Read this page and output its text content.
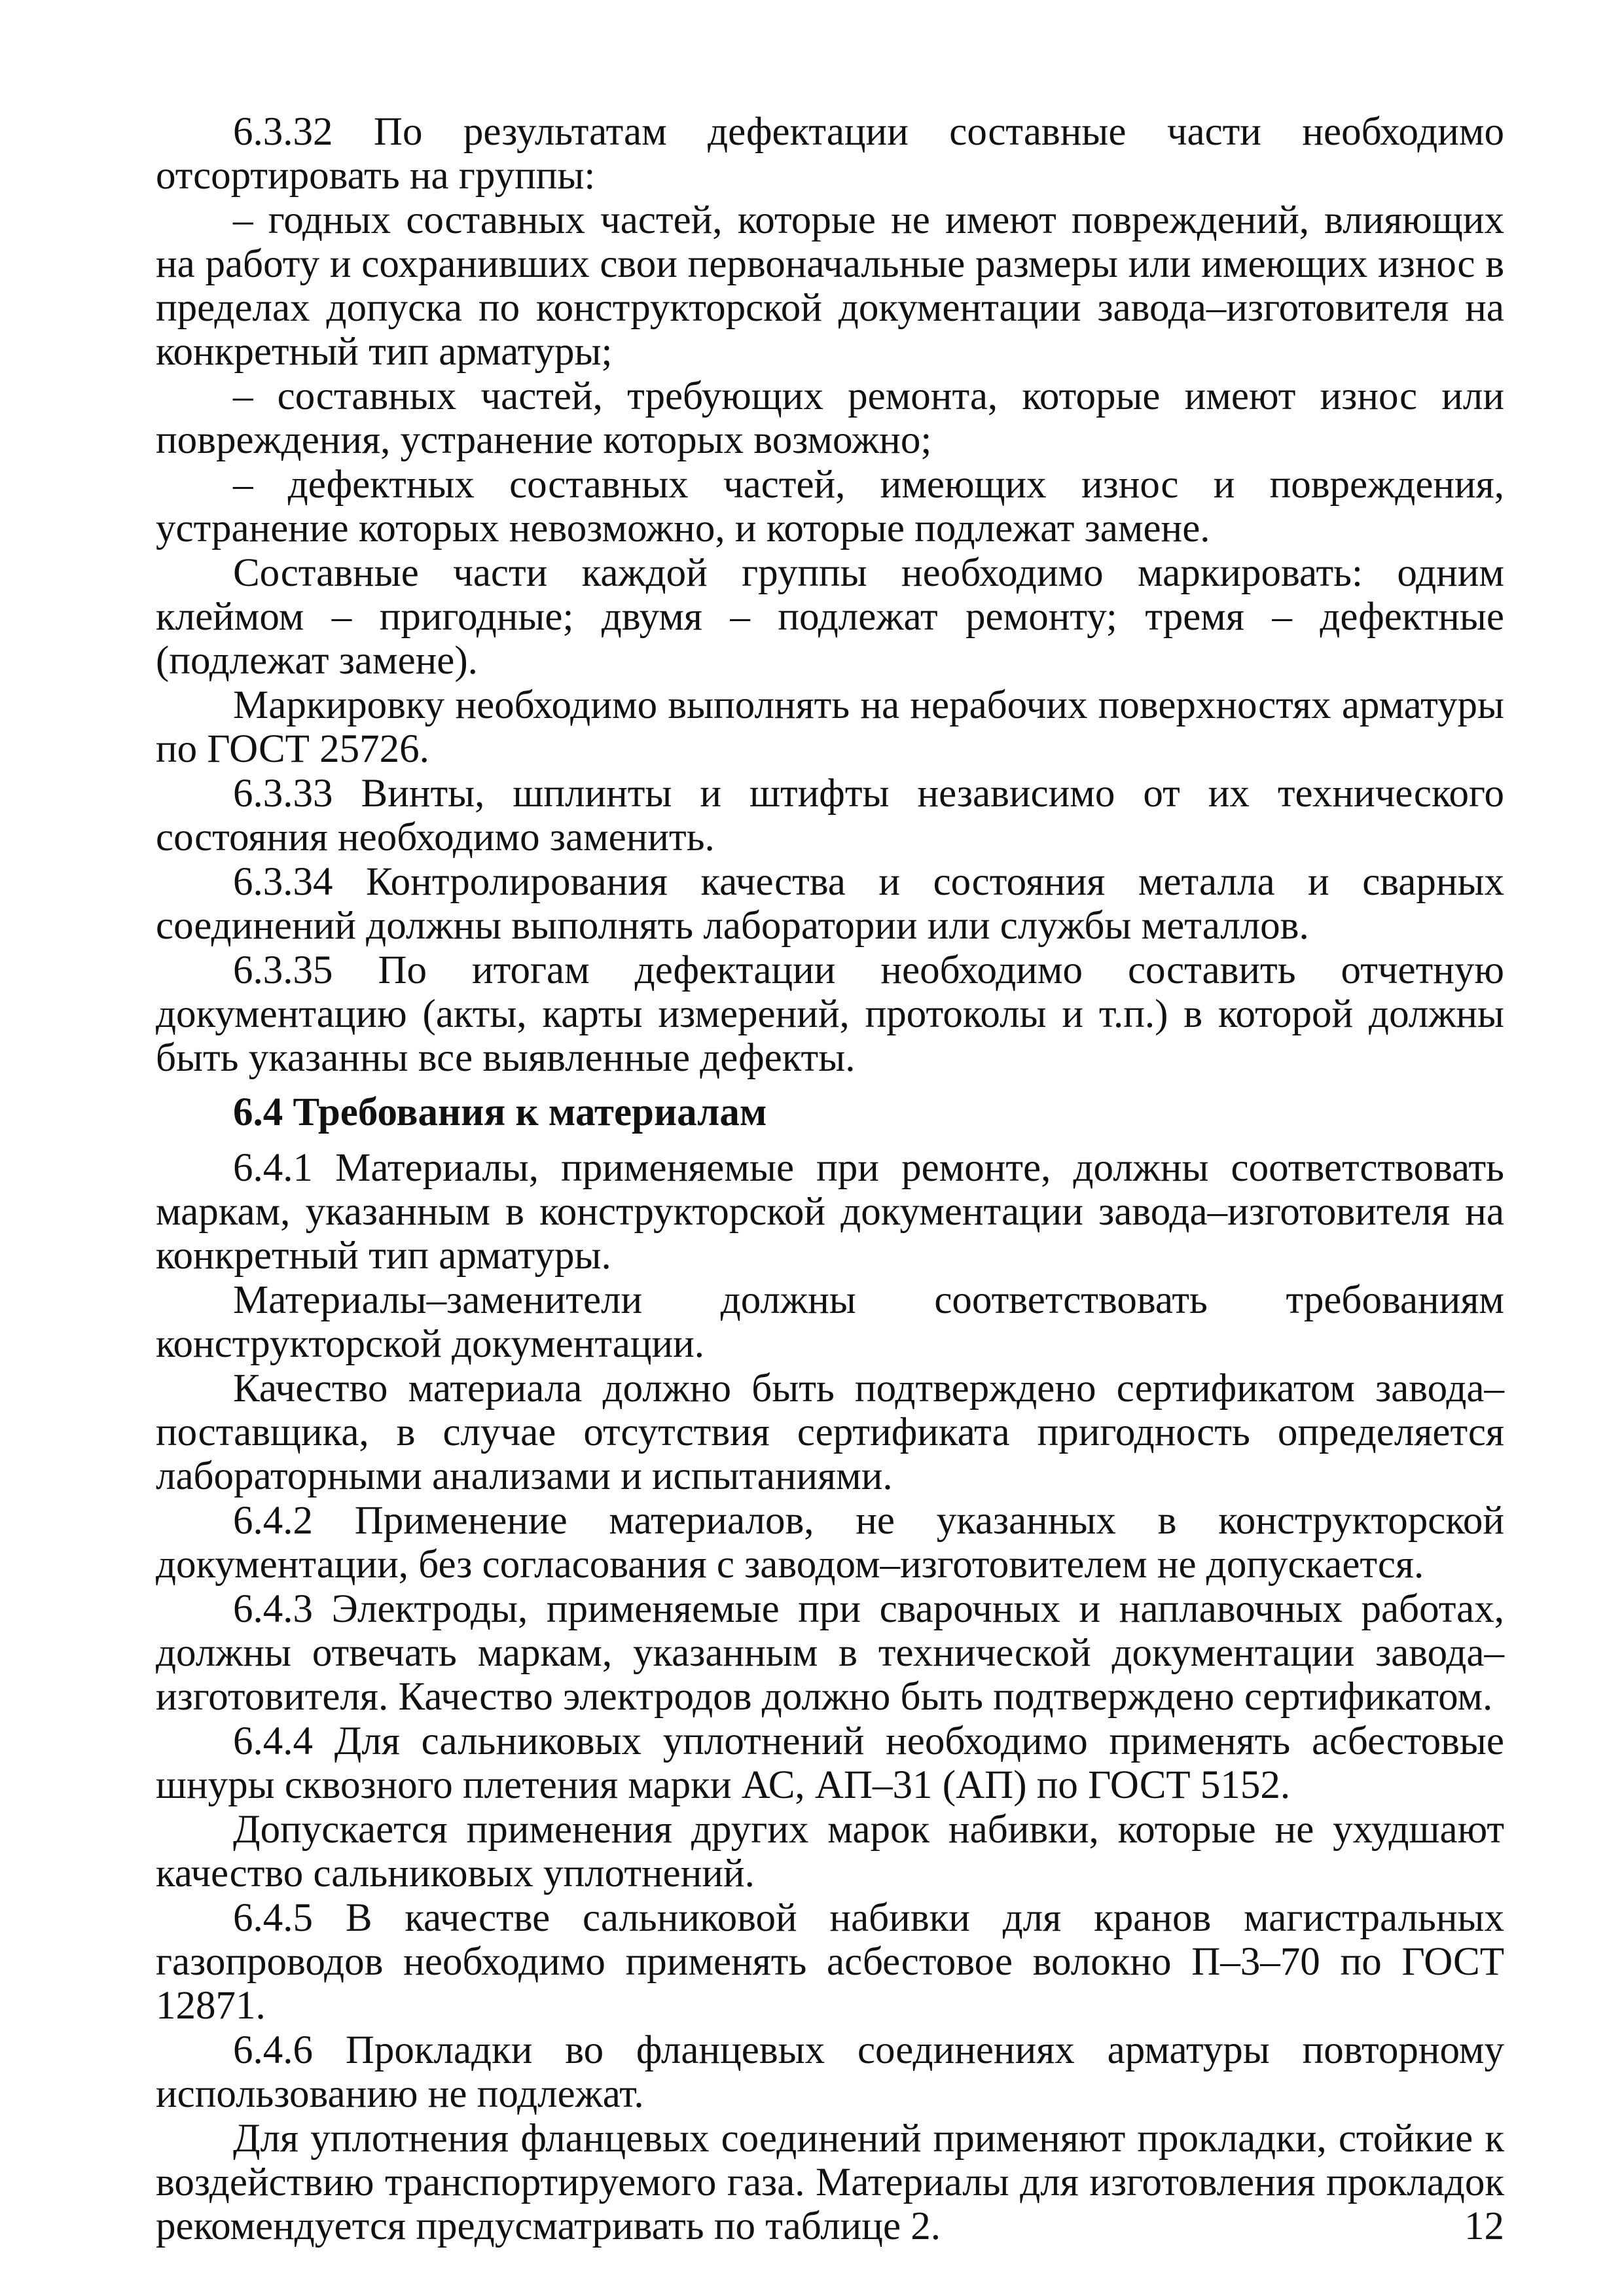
6.3.32 По результатам дефектации составные части необходимо отсортировать на группы:

– годных составных частей, которые не имеют повреждений, влияющих на работу и сохранивших свои первоначальные размеры или имеющих износ в пределах допуска по конструкторской документации завода–изготовителя на конкретный тип арматуры;

– составных частей, требующих ремонта, которые имеют износ или повреждения, устранение которых возможно;

– дефектных составных частей, имеющих износ и повреждения, устранение которых невозможно, и которые подлежат замене.

Составные части каждой группы необходимо маркировать: одним клеймом – пригодные; двумя – подлежат ремонту; тремя – дефектные (подлежат замене).

Маркировку необходимо выполнять на нерабочих поверхностях арматуры по ГОСТ 25726.

6.3.33 Винты, шплинты и штифты независимо от их технического состояния необходимо заменить.

6.3.34 Контролирования качества и состояния металла и сварных соединений должны выполнять лаборатории или службы металлов.

6.3.35 По итогам дефектации необходимо составить отчетную документацию (акты, карты измерений, протоколы и т.п.) в которой должны быть указанны все выявленные дефекты.

6.4 Требования к материалам

6.4.1 Материалы, применяемые при ремонте, должны соответствовать маркам, указанным в конструкторской документации завода–изготовителя на конкретный тип арматуры.

Материалы–заменители должны соответствовать требованиям конструкторской документации.

Качество материала должно быть подтверждено сертификатом завода–поставщика, в случае отсутствия сертификата пригодность определяется лабораторными анализами и испытаниями.

6.4.2 Применение материалов, не указанных в конструкторской документации, без согласования с заводом–изготовителем не допускается.

6.4.3 Электроды, применяемые при сварочных и наплавочных работах, должны отвечать маркам, указанным в технической документации завода–изготовителя. Качество электродов должно быть подтверждено сертификатом.

6.4.4 Для сальниковых уплотнений необходимо применять асбестовые шнуры сквозного плетения марки АС, АП–31 (АП) по ГОСТ 5152.

Допускается применения других марок набивки, которые не ухудшают качество сальниковых уплотнений.

6.4.5 В качестве сальниковой набивки для кранов магистральных газопроводов необходимо применять асбестовое волокно П–3–70 по ГОСТ 12871.

6.4.6 Прокладки во фланцевых соединениях арматуры повторному использованию не подлежат.

Для уплотнения фланцевых соединений применяют прокладки, стойкие к воздействию транспортируемого газа. Материалы для изготовления прокладок рекомендуется предусматривать по таблице 2.	12
